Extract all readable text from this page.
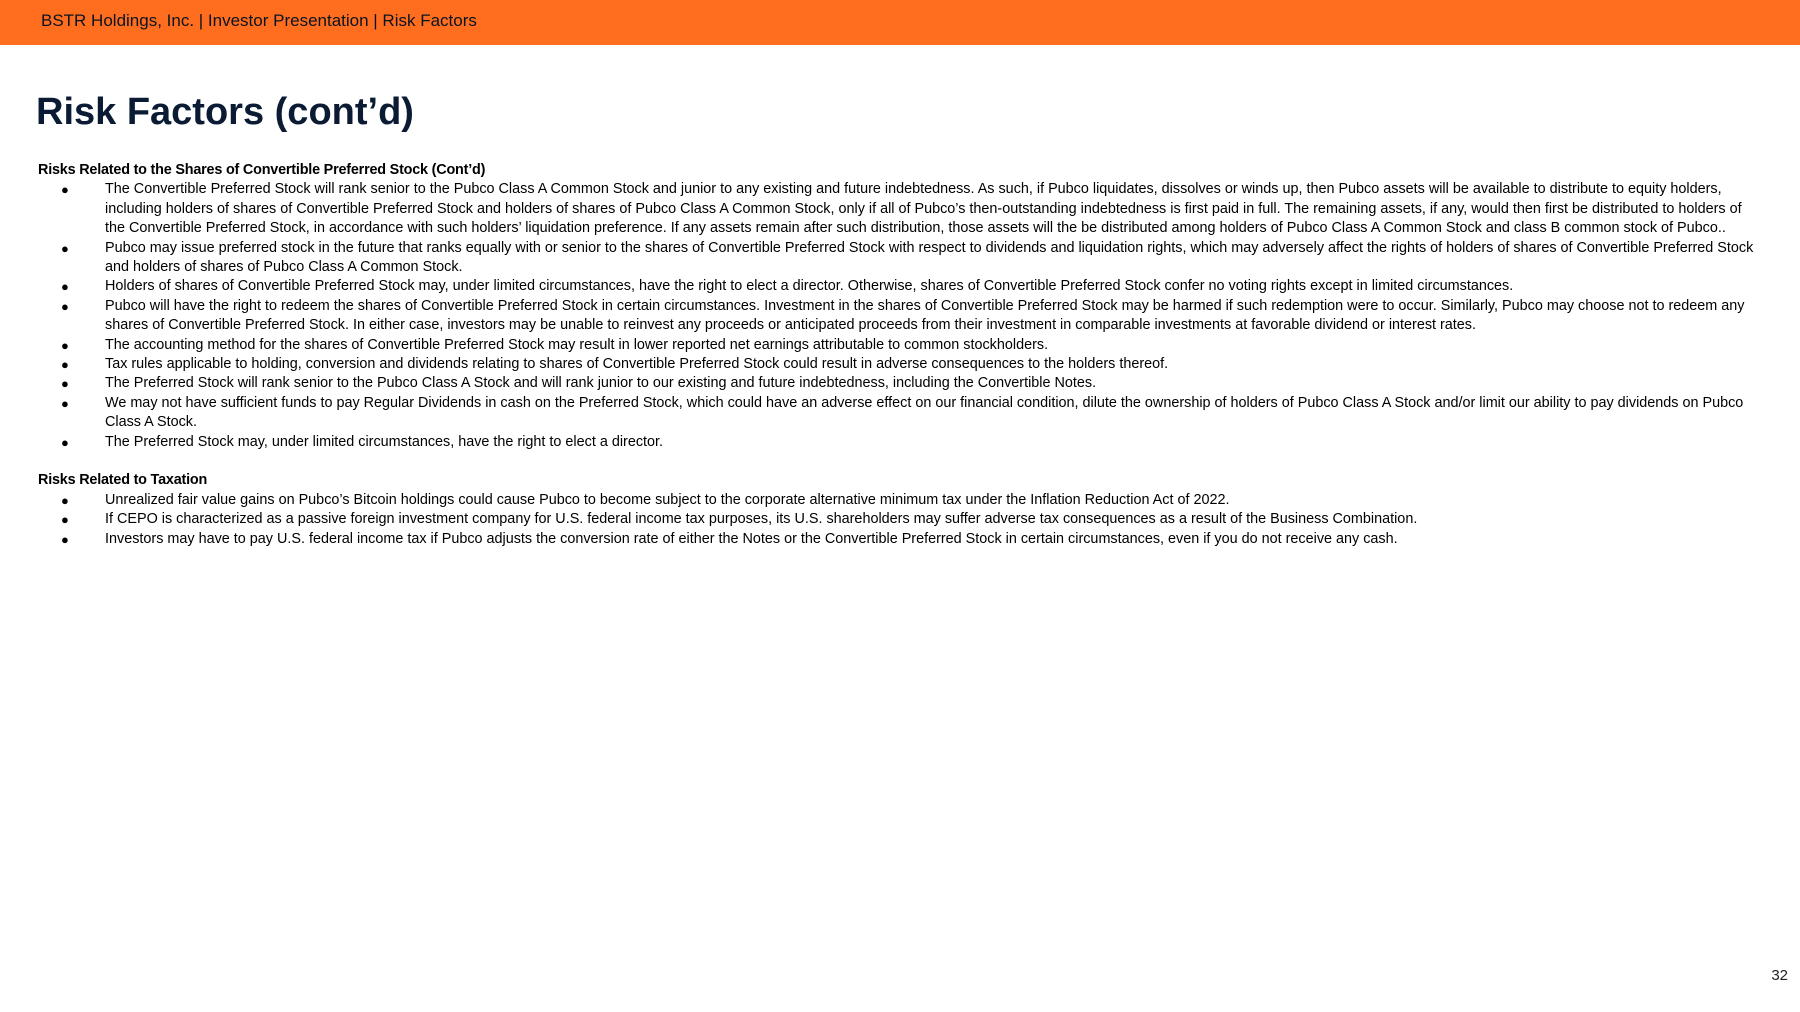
BSTR Holdings, Inc. | Investor Presentation | Risk Factors
Risk Factors (cont’d)

Risks Related to the Shares of Convertible Preferred Stock (Cont’d)

●	The Convertible Preferred Stock will rank senior to the Pubco Class A Common Stock and junior to any existing and future indebtedness. As such, if Pubco liquidates, dissolves or winds up, then Pubco assets will be available to distribute to equity holders, including holders of shares of Convertible Preferred Stock and holders of shares of Pubco Class A Common Stock, only if all of Pubco’s then-outstanding indebtedness is first paid in full. The remaining assets, if any, would then first be distributed to holders of the Convertible Preferred Stock, in accordance with such holders’ liquidation preference. If any assets remain after such distribution, those assets will the be distributed among holders of Pubco Class A Common Stock and class B common stock of Pubco..
●	Pubco may issue preferred stock in the future that ranks equally with or senior to the shares of Convertible Preferred Stock with respect to dividends and liquidation rights, which may adversely affect the rights of holders of shares of Convertible Preferred Stock and holders of shares of Pubco Class A Common Stock.
●	Holders of shares of Convertible Preferred Stock may, under limited circumstances, have the right to elect a director. Otherwise, shares of Convertible Preferred Stock confer no voting rights except in limited circumstances.
●	Pubco will have the right to redeem the shares of Convertible Preferred Stock in certain circumstances. Investment in the shares of Convertible Preferred Stock may be harmed if such redemption were to occur. Similarly, Pubco may choose not to redeem any shares of Convertible Preferred Stock. In either case, investors may be unable to reinvest any proceeds or anticipated proceeds from their investment in comparable investments at favorable dividend or interest rates.
●	The accounting method for the shares of Convertible Preferred Stock may result in lower reported net earnings attributable to common stockholders.
●	Tax rules applicable to holding, conversion and dividends relating to shares of Convertible Preferred Stock could result in adverse consequences to the holders thereof.
●	The Preferred Stock will rank senior to the Pubco Class A Stock and will rank junior to our existing and future indebtedness, including the Convertible Notes.
●	We may not have sufficient funds to pay Regular Dividends in cash on the Preferred Stock, which could have an adverse effect on our financial condition, dilute the ownership of holders of Pubco Class A Stock and/or limit our ability to pay dividends on Pubco Class A Stock.
●	The Preferred Stock may, under limited circumstances, have the right to elect a director.

Risks Related to Taxation

●	Unrealized fair value gains on Pubco’s Bitcoin holdings could cause Pubco to become subject to the corporate alternative minimum tax under the Inflation Reduction Act of 2022.
●	If CEPO is characterized as a passive foreign investment company for U.S. federal income tax purposes, its U.S. shareholders may suffer adverse tax consequences as a result of the Business Combination.
●	Investors may have to pay U.S. federal income tax if Pubco adjusts the conversion rate of either the Notes or the Convertible Preferred Stock in certain circumstances, even if you do not receive any cash.
32
